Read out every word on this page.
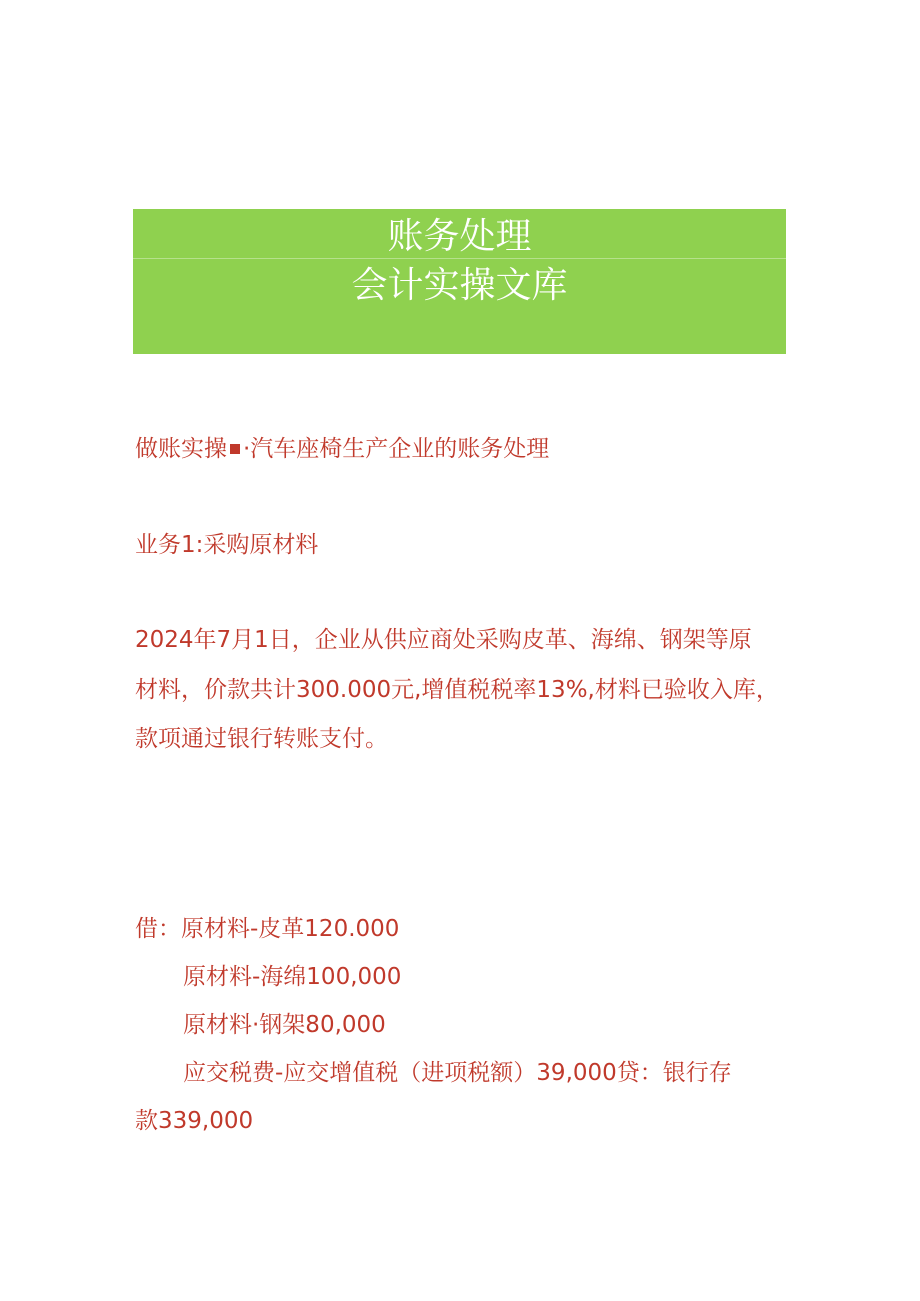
账务处理
会计实操文库
做账实操 ·汽车座椅生产企业的账务处理
业务1:采购原材料
2024年7月1日，企业从供应商处采购皮革、海绵、钢架等原
材料，价款共计300.000元,增值税税率13%,材料已验收入库，
款项通过银行转账支付。
借：原材料-皮革120.000
原材料-海绵100,000
原材料·钢架80,000
应交税费-应交增值税（进项税额）39,000贷：银行存
款339,000
